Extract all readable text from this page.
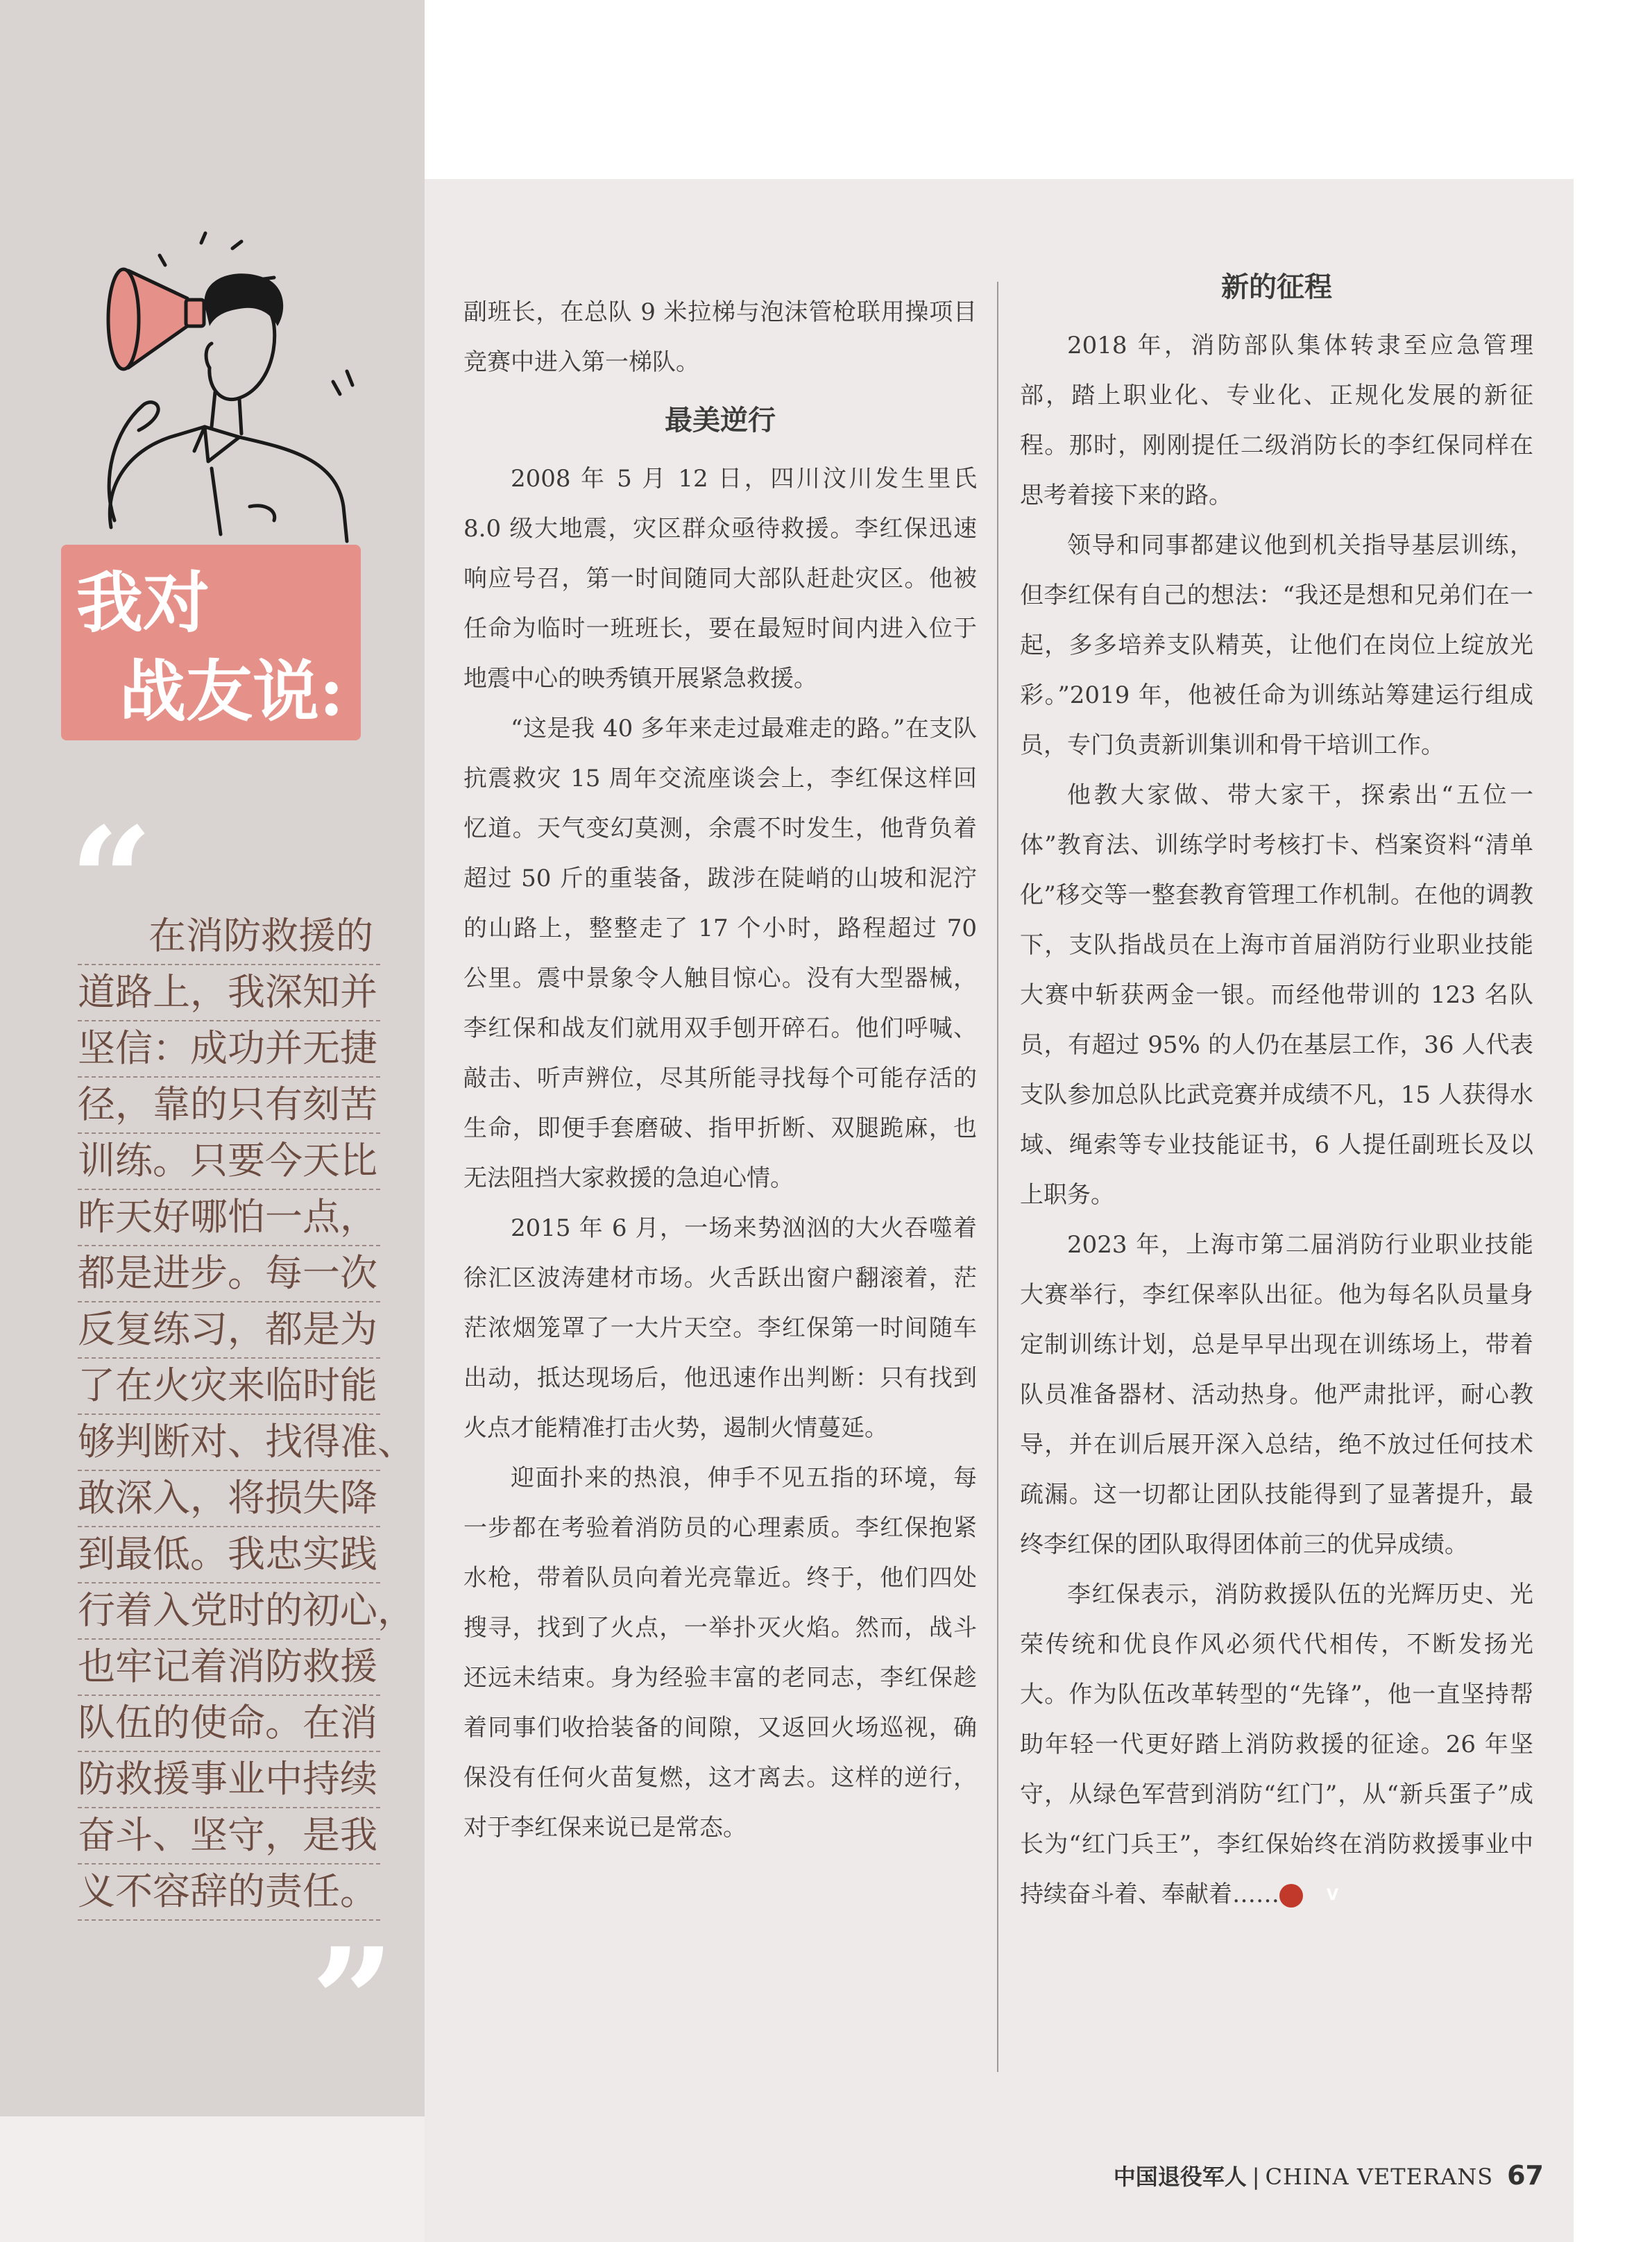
我对
战友说:
“
在消防救援的
道路上，我深知并
坚信：成功并无捷
径，靠的只有刻苦
训练。只要今天比
昨天好哪怕一点，
都是进步。每一次
反复练习，都是为
了在火灾来临时能
够判断对、找得准、
敢深入，将损失降
到最低。我忠实践
行着入党时的初心，
也牢记着消防救援
队伍的使命。在消
防救援事业中持续
奋斗、坚守，是我
义不容辞的责任。
”

副班长，在总队 9 米拉梯与泡沫管枪联用操项目竞赛中进入第一梯队。

最美逆行

2008 年 5 月 12 日，四川汶川发生里氏 8.0 级大地震，灾区群众亟待救援。李红保迅速响应号召，第一时间随同大部队赶赴灾区。他被任命为临时一班班长，要在最短时间内进入位于地震中心的映秀镇开展紧急救援。

“这是我 40 多年来走过最难走的路。”在支队抗震救灾 15 周年交流座谈会上，李红保这样回忆道。天气变幻莫测，余震不时发生，他背负着超过 50 斤的重装备，跋涉在陡峭的山坡和泥泞的山路上，整整走了 17 个小时，路程超过 70 公里。震中景象令人触目惊心。没有大型器械，李红保和战友们就用双手刨开碎石。他们呼喊、敲击、听声辨位，尽其所能寻找每个可能存活的生命，即便手套磨破、指甲折断、双腿跪麻，也无法阻挡大家救援的急迫心情。

2015 年 6 月，一场来势汹汹的大火吞噬着徐汇区波涛建材市场。火舌跃出窗户翻滚着，茫茫浓烟笼罩了一大片天空。李红保第一时间随车出动，抵达现场后，他迅速作出判断：只有找到火点才能精准打击火势，遏制火情蔓延。

迎面扑来的热浪，伸手不见五指的环境，每一步都在考验着消防员的心理素质。李红保抱紧水枪，带着队员向着光亮靠近。终于，他们四处搜寻，找到了火点，一举扑灭火焰。然而，战斗还远未结束。身为经验丰富的老同志，李红保趁着同事们收拾装备的间隙，又返回火场巡视，确保没有任何火苗复燃，这才离去。这样的逆行，对于李红保来说已是常态。

新的征程

2018 年，消防部队集体转隶至应急管理部，踏上职业化、专业化、正规化发展的新征程。那时，刚刚提任二级消防长的李红保同样在思考着接下来的路。

领导和同事都建议他到机关指导基层训练，但李红保有自己的想法：“我还是想和兄弟们在一起，多多培养支队精英，让他们在岗位上绽放光彩。”2019 年，他被任命为训练站筹建运行组成员，专门负责新训集训和骨干培训工作。

他教大家做、带大家干，探索出“五位一体”教育法、训练学时考核打卡、档案资料“清单化”移交等一整套教育管理工作机制。在他的调教下，支队指战员在上海市首届消防行业职业技能大赛中斩获两金一银。而经他带训的 123 名队员，有超过 95% 的人仍在基层工作，36 人代表支队参加总队比武竞赛并成绩不凡，15 人获得水域、绳索等专业技能证书，6 人提任副班长及以上职务。

2023 年，上海市第二届消防行业职业技能大赛举行，李红保率队出征。他为每名队员量身定制训练计划，总是早早出现在训练场上，带着队员准备器材、活动热身。他严肃批评，耐心教导，并在训后展开深入总结，绝不放过任何技术疏漏。这一切都让团队技能得到了显著提升，最终李红保的团队取得团体前三的优异成绩。

李红保表示，消防救援队伍的光辉历史、光荣传统和优良作风必须代代相传，不断发扬光大。作为队伍改革转型的“先锋”，他一直坚持帮助年轻一代更好踏上消防救援的征途。26 年坚守，从绿色军营到消防“红门”，从“新兵蛋子”成长为“红门兵王”，李红保始终在消防救援事业中持续奋斗着、奉献着……	V

中国退役军人 | CHINA VETERANS 67
